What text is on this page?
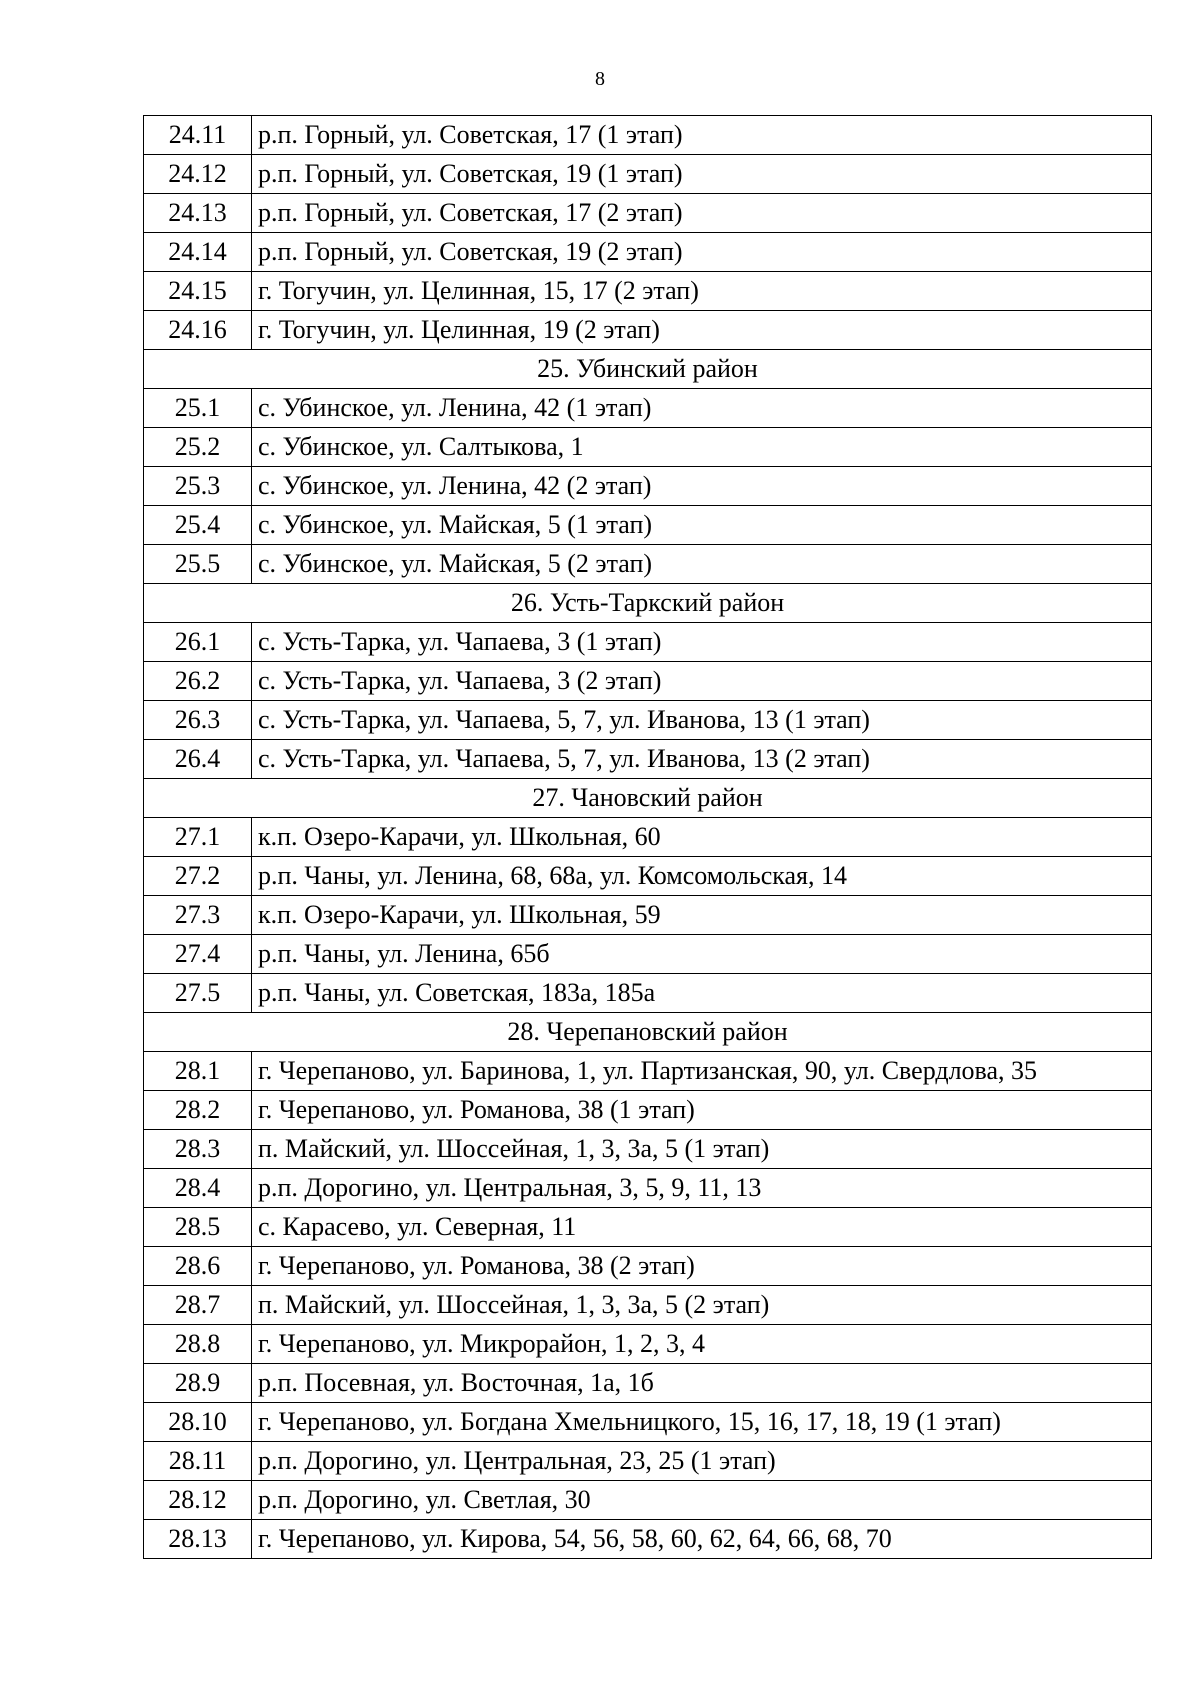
8
24.11	р.п. Горный, ул. Советская, 17 (1 этап)
24.12	р.п. Горный, ул. Советская, 19 (1 этап)
24.13	р.п. Горный, ул. Советская, 17 (2 этап)
24.14	р.п. Горный, ул. Советская, 19 (2 этап)
24.15	г. Тогучин, ул. Целинная, 15, 17 (2 этап)
24.16	г. Тогучин, ул. Целинная, 19 (2 этап)
25. Убинский район	
25.1	с. Убинское, ул. Ленина, 42 (1 этап)
25.2	с. Убинское, ул. Салтыкова, 1
25.3	с. Убинское, ул. Ленина, 42 (2 этап)
25.4	с. Убинское, ул. Майская, 5 (1 этап)
25.5	с. Убинское, ул. Майская, 5 (2 этап)
26. Усть-Таркский район	
26.1	с. Усть-Тарка, ул. Чапаева, 3 (1 этап)
26.2	с. Усть-Тарка, ул. Чапаева, 3 (2 этап)
26.3	с. Усть-Тарка, ул. Чапаева, 5, 7, ул. Иванова, 13 (1 этап)
26.4	с. Усть-Тарка, ул. Чапаева, 5, 7, ул. Иванова, 13 (2 этап)
27. Чановский район	
27.1	к.п. Озеро-Карачи, ул. Школьная, 60
27.2	р.п. Чаны, ул. Ленина, 68, 68а, ул. Комсомольская, 14
27.3	к.п. Озеро-Карачи, ул. Школьная, 59
27.4	р.п. Чаны, ул. Ленина, 65б
27.5	р.п. Чаны, ул. Советская, 183а, 185а
28. Черепановский район	
28.1	г. Черепаново, ул. Баринова, 1, ул. Партизанская, 90, ул. Свердлова, 35
28.2	г. Черепаново, ул. Романова, 38 (1 этап)
28.3	п. Майский, ул. Шоссейная, 1, 3, 3а, 5 (1 этап)
28.4	р.п. Дорогино, ул. Центральная, 3, 5, 9, 11, 13
28.5	с. Карасево, ул. Северная, 11
28.6	г. Черепаново, ул. Романова, 38 (2 этап)
28.7	п. Майский, ул. Шоссейная, 1, 3, 3а, 5 (2 этап)
28.8	г. Черепаново, ул. Микрорайон, 1, 2, 3, 4
28.9	р.п. Посевная, ул. Восточная, 1а, 1б
28.10	г. Черепаново, ул. Богдана Хмельницкого, 15, 16, 17, 18, 19 (1 этап)
28.11	р.п. Дорогино, ул. Центральная, 23, 25 (1 этап)
28.12	р.п. Дорогино, ул. Светлая, 30
28.13	г. Черепаново, ул. Кирова, 54, 56, 58, 60, 62, 64, 66, 68, 70
